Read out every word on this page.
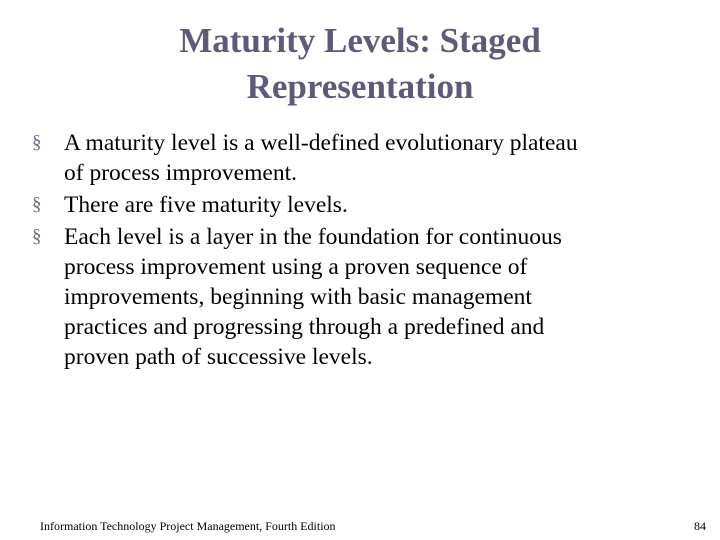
Maturity Levels: Staged
Representation
§ A maturity level is a well-defined evolutionary plateau
of process improvement.
§ There are five maturity levels.
§ Each level is a layer in the foundation for continuous
process improvement using a proven sequence of
improvements, beginning with basic management
practices and progressing through a predefined and
proven path of successive levels.
Information Technology Project Management, Fourth Edition	84
